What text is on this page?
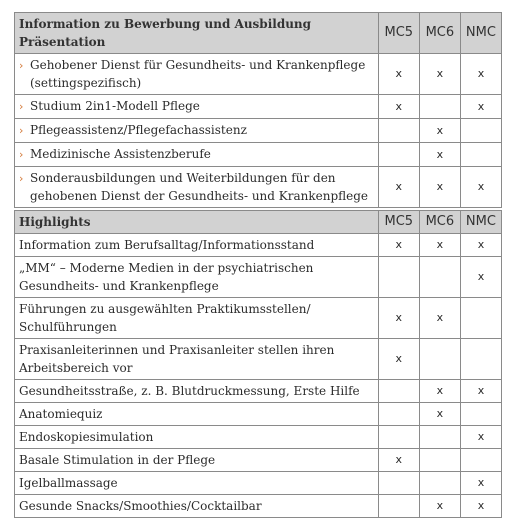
Information zu Bewerbung und Ausbildung Präsentation	MC5	MC6	NMC
› Gehobener Dienst für Gesundheits- und Krankenpflege (settingspezifisch)	x	x	x
› Studium 2in1-Modell Pflege	x		x
› Pflegeassistenz/Pflegefachassistenz		x	
› Medizinische Assistenzberufe		x	
› Sonderausbildungen und Weiterbildungen für den gehobenen Dienst der Gesundheits- und Krankenpflege	x	x	x
Highlights	MC5	MC6	NMC
Information zum Berufsalltag/Informationsstand	x	x	x
„MM“ – Moderne Medien in der psychiatrischen Gesundheits- und Krankenpflege			x
Führungen zu ausgewählten Praktikumsstellen/ Schulführungen	x	x	
Praxisanleiterinnen und Praxisanleiter stellen ihren Arbeitsbereich vor	x		
Gesundheitsstraße, z. B. Blutdruckmessung, Erste Hilfe		x	x
Anatomiequiz		x	
Endoskopiesimulation			x
Basale Stimulation in der Pflege	x		
Igelballmassage			x
Gesunde Snacks/Smoothies/Cocktailbar		x	x
